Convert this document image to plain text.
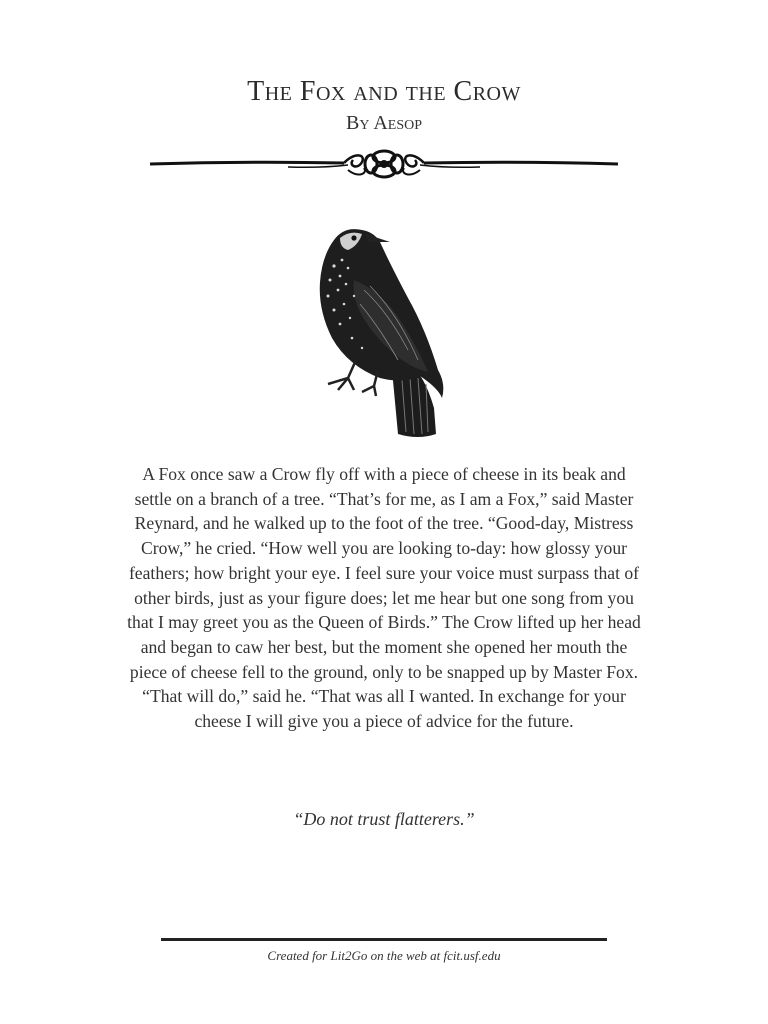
The Fox and the Crow
By Aesop
A Fox once saw a Crow fly off with a piece of cheese in its beak and settle on a branch of a tree. “That’s for me, as I am a Fox,” said Master Reynard, and he walked up to the foot of the tree. “Good-day, Mistress Crow,” he cried. “How well you are looking to-day: how glossy your feathers; how bright your eye. I feel sure your voice must surpass that of other birds, just as your figure does; let me hear but one song from you that I may greet you as the Queen of Birds.” The Crow lifted up her head and began to caw her best, but the moment she opened her mouth the piece of cheese fell to the ground, only to be snapped up by Master Fox. “That will do,” said he. “That was all I wanted. In exchange for your cheese I will give you a piece of advice for the future.
“Do not trust flatterers.”
Created for Lit2Go on the web at fcit.usf.edu
